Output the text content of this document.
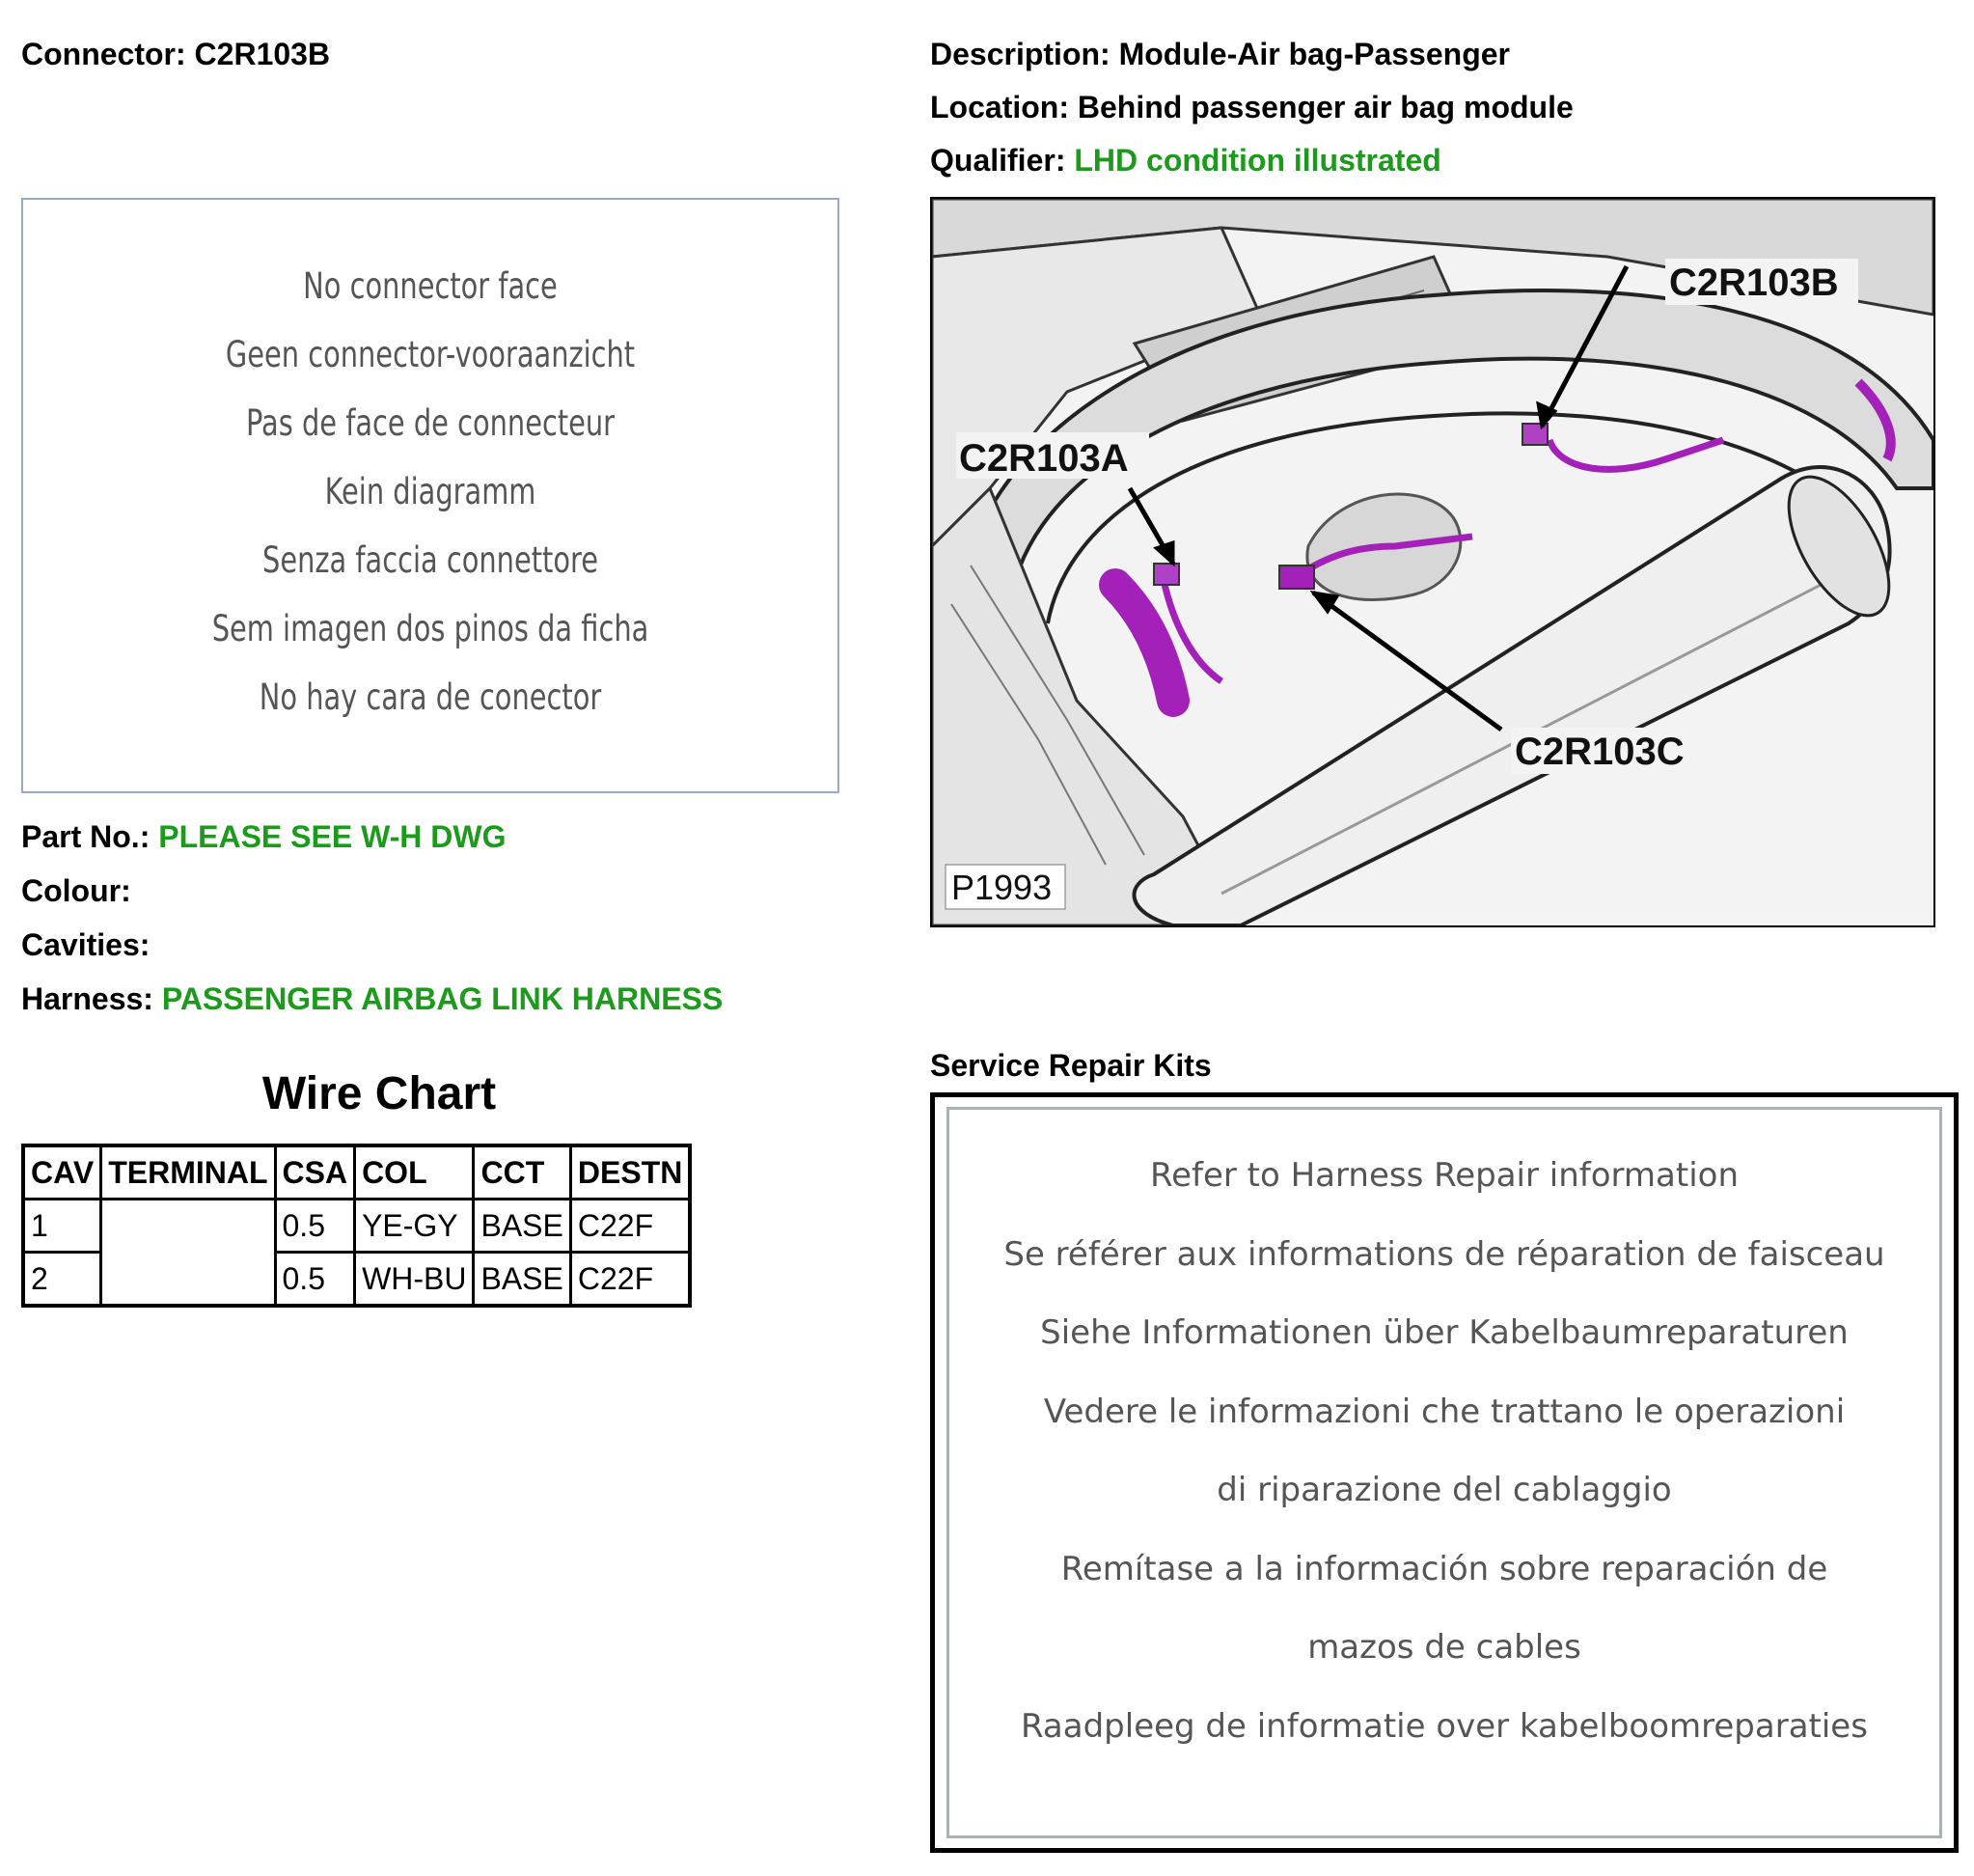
Connector: C2R103B	Description: Module-Air bag-Passenger
Location: Behind passenger air bag module
Qualifier: LHD condition illustrated
No connector face
Geen connector-vooraanzicht
Pas de face de connecteur
Kein diagramm
Senza faccia connettore
Sem imagen dos pinos da ficha
No hay cara de conector
C2R103B
C2R103A
C2R103C
P1993
Part No.: PLEASE SEE W-H DWG
Colour:
Cavities:
Harness: PASSENGER AIRBAG LINK HARNESS
Wire Chart
CAV	TERMINAL	CSA	COL	CCT	DESTN
1		0.5	YE-GY	BASE	C22F
2		0.5	WH-BU	BASE	C22F
Service Repair Kits
Refer to Harness Repair information
Se référer aux informations de réparation de faisceau
Siehe Informationen über Kabelbaumreparaturen
Vedere le informazioni che trattano le operazioni
di riparazione del cablaggio
Remítase a la información sobre reparación de
mazos de cables
Raadpleeg de informatie over kabelboomreparaties
